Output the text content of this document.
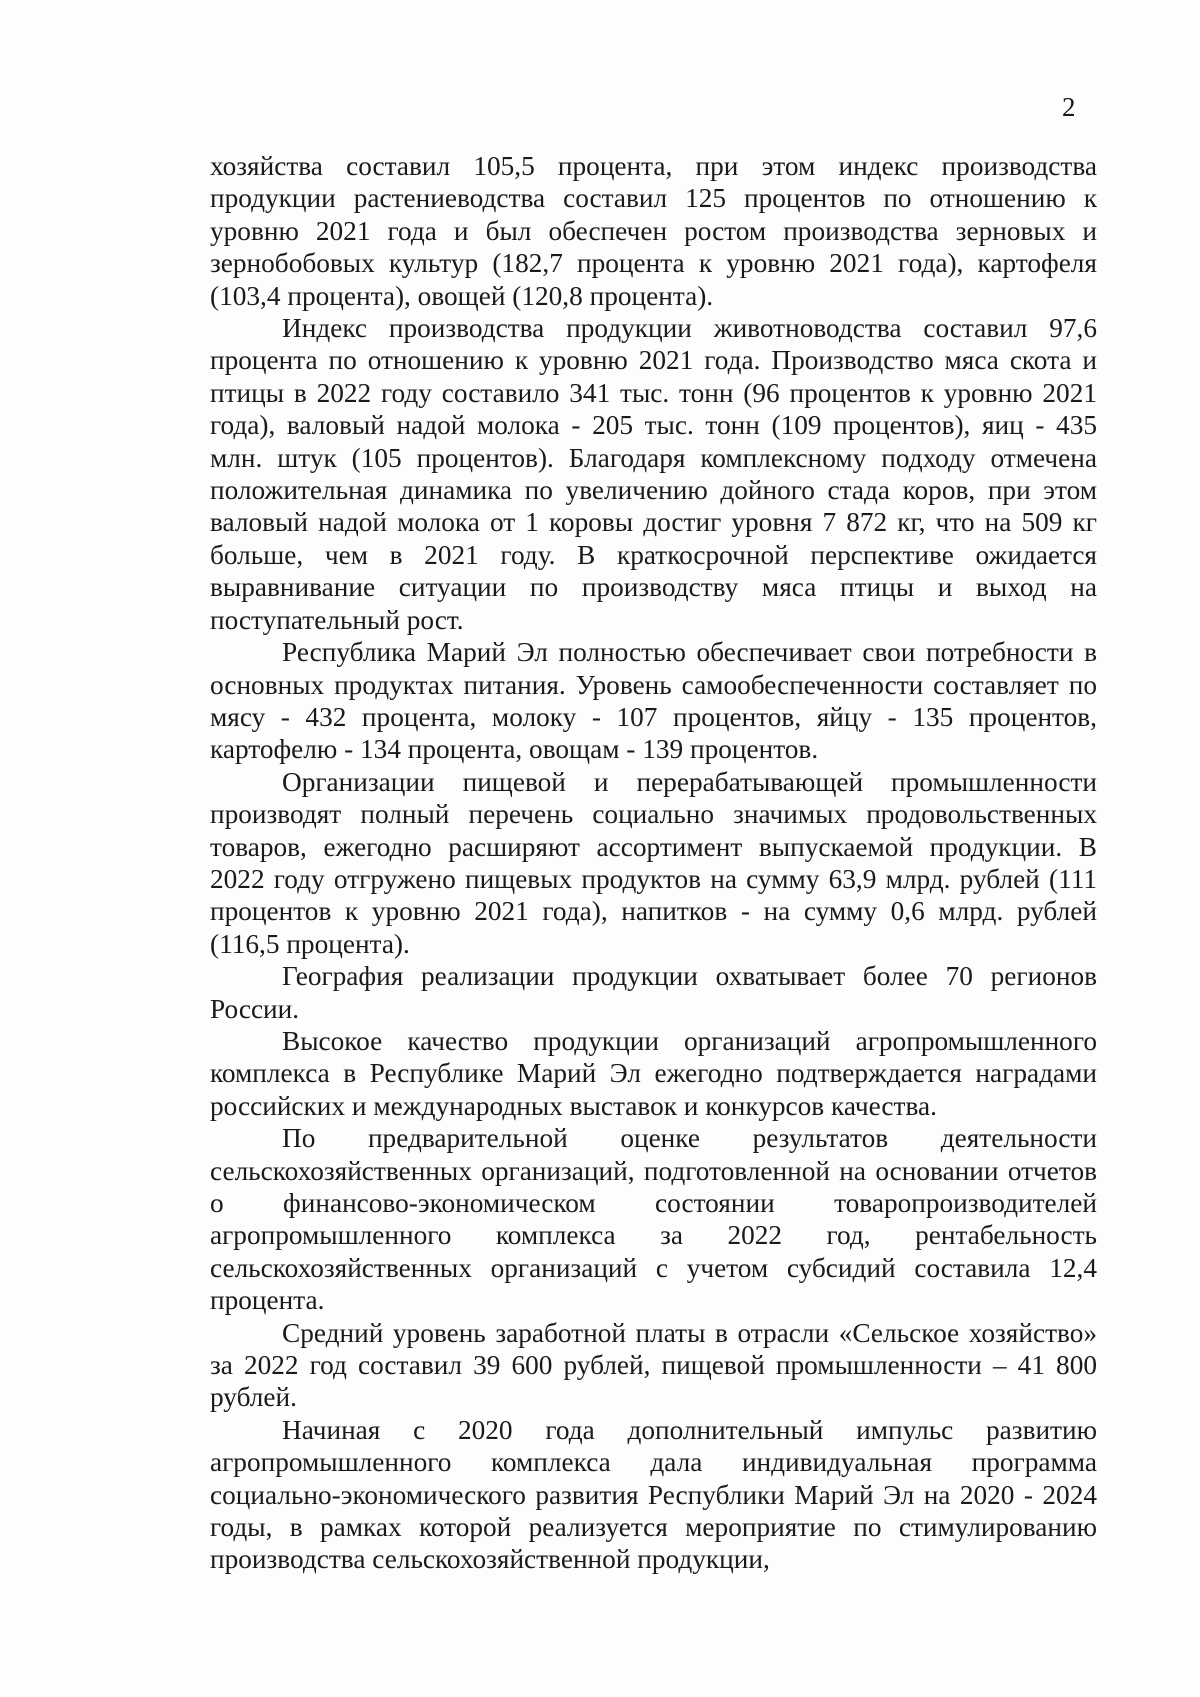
2

хозяйства составил 105,5 процента, при этом индекс производства продукции растениеводства составил 125 процентов по отношению к уровню 2021 года и был обеспечен ростом производства зерновых и зернобобовых культур (182,7 процента к уровню 2021 года), картофеля (103,4 процента), овощей (120,8 процента).

Индекс производства продукции животноводства составил 97,6 процента по отношению к уровню 2021 года. Производство мяса скота и птицы в 2022 году составило 341 тыс. тонн (96 процентов к уровню 2021 года), валовый надой молока - 205 тыс. тонн (109 процентов), яиц - 435 млн. штук (105 процентов). Благодаря комплексному подходу отмечена положительная динамика по увеличению дойного стада коров, при этом валовый надой молока от 1 коровы достиг уровня 7 872 кг, что на 509 кг больше, чем в 2021 году. В краткосрочной перспективе ожидается выравнивание ситуации по производству мяса птицы и выход на поступательный рост.

Республика Марий Эл полностью обеспечивает свои потребности в основных продуктах питания. Уровень самообеспеченности составляет по мясу - 432 процента, молоку - 107 процентов, яйцу - 135 процентов, картофелю - 134 процента, овощам - 139 процентов.

Организации пищевой и перерабатывающей промышленности производят полный перечень социально значимых продовольственных товаров, ежегодно расширяют ассортимент выпускаемой продукции. В 2022 году отгружено пищевых продуктов на сумму 63,9 млрд. рублей (111 процентов к уровню 2021 года), напитков - на сумму 0,6 млрд. рублей (116,5 процента).

География реализации продукции охватывает более 70 регионов России.

Высокое качество продукции организаций агропромышленного комплекса в Республике Марий Эл ежегодно подтверждается наградами российских и международных выставок и конкурсов качества.

По предварительной оценке результатов деятельности сельскохозяйственных организаций, подготовленной на основании отчетов о финансово-экономическом состоянии товаропроизводителей агропромышленного комплекса за 2022 год, рентабельность сельскохозяйственных организаций с учетом субсидий составила 12,4 процента.

Средний уровень заработной платы в отрасли «Сельское хозяйство» за 2022 год составил 39 600 рублей, пищевой промышленности – 41 800 рублей.

Начиная с 2020 года дополнительный импульс развитию агропромышленного комплекса дала индивидуальная программа социально-экономического развития Республики Марий Эл на 2020 - 2024 годы, в рамках которой реализуется мероприятие по стимулированию производства сельскохозяйственной продукции,
